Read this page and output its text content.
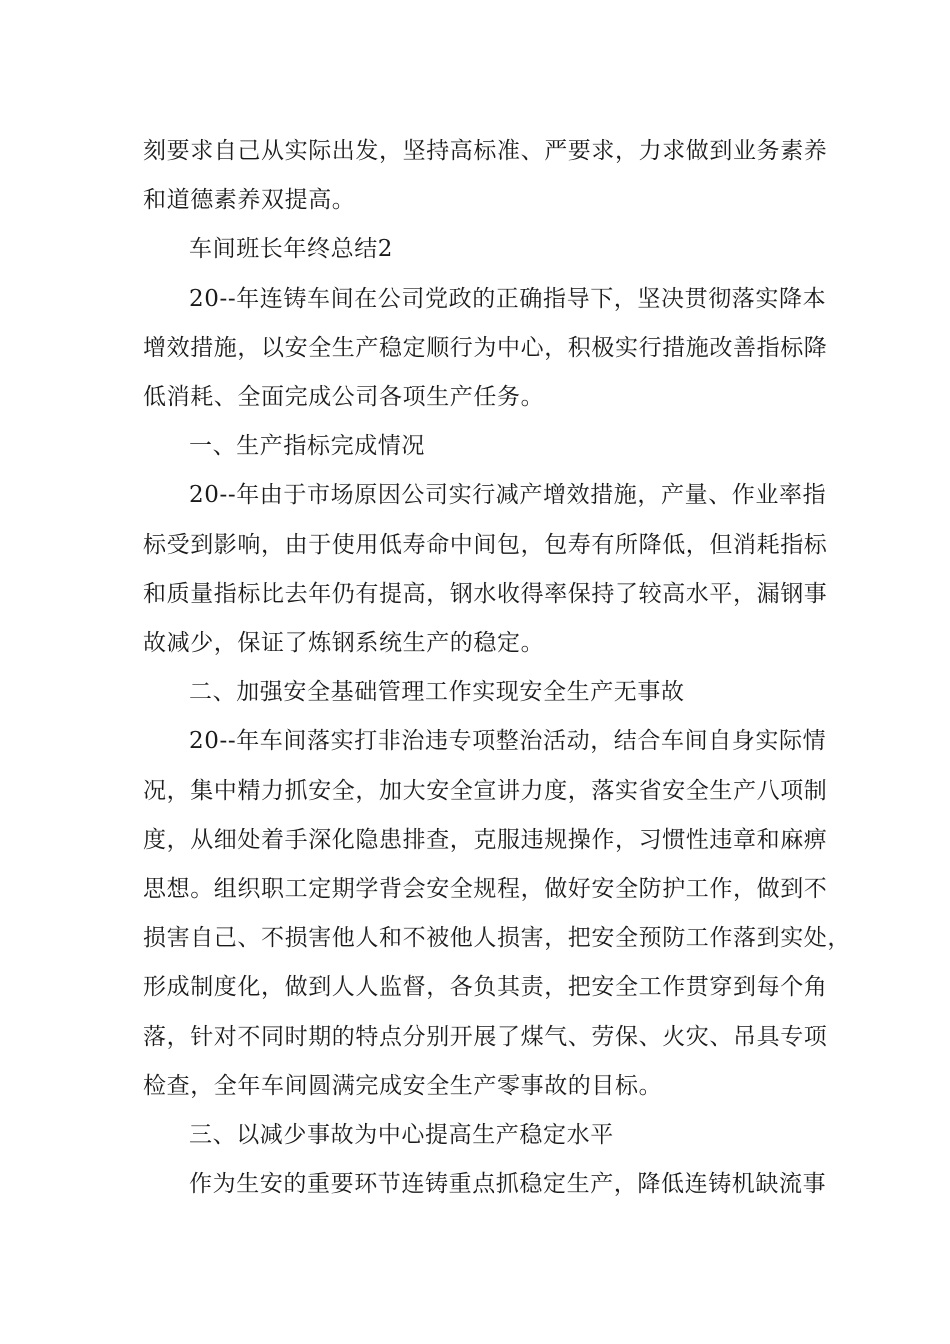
刻要求自己从实际出发，坚持高标准、严要求，力求做到业务素养
和道德素养双提高。

车间班长年终总结2

20--年连铸车间在公司党政的正确指导下，坚决贯彻落实降本
增效措施，以安全生产稳定顺行为中心，积极实行措施改善指标降
低消耗、全面完成公司各项生产任务。

一、生产指标完成情况

20--年由于市场原因公司实行减产增效措施，产量、作业率指
标受到影响，由于使用低寿命中间包，包寿有所降低，但消耗指标
和质量指标比去年仍有提高，钢水收得率保持了较高水平，漏钢事
故减少，保证了炼钢系统生产的稳定。

二、加强安全基础管理工作实现安全生产无事故

20--年车间落实打非治违专项整治活动，结合车间自身实际情
况，集中精力抓安全，加大安全宣讲力度，落实省安全生产八项制
度，从细处着手深化隐患排查，克服违规操作，习惯性违章和麻痹
思想。组织职工定期学背会安全规程，做好安全防护工作，做到不
损害自己、不损害他人和不被他人损害，把安全预防工作落到实处，
形成制度化，做到人人监督，各负其责，把安全工作贯穿到每个角
落，针对不同时期的特点分别开展了煤气、劳保、火灾、吊具专项
检查，全年车间圆满完成安全生产零事故的目标。

三、以减少事故为中心提高生产稳定水平

作为生安的重要环节连铸重点抓稳定生产，降低连铸机缺流事
